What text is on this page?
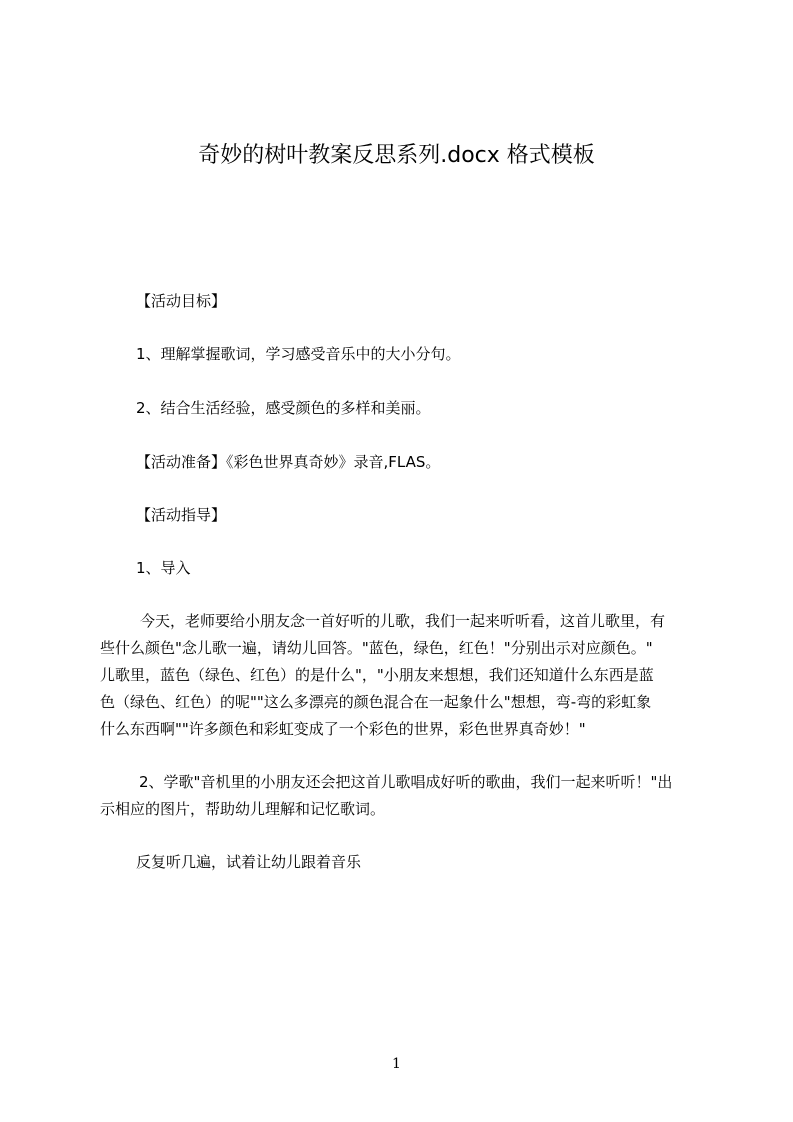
奇妙的树叶教案反思系列.docx 格式模板

【活动目标】

1、理解掌握歌词，学习感受音乐中的大小分句。

2、结合生活经验，感受颜色的多样和美丽。

【活动准备】《彩色世界真奇妙》录音,FLAS。

【活动指导】

1、导入

今天，老师要给小朋友念一首好听的儿歌，我们一起来听听看，这首儿歌里，有
些什么颜色"念儿歌一遍，请幼儿回答。"蓝色，绿色，红色！"分别出示对应颜色。"
儿歌里，蓝色（绿色、红色）的是什么"，"小朋友来想想，我们还知道什么东西是蓝
色（绿色、红色）的呢""这么多漂亮的颜色混合在一起象什么"想想，弯-弯的彩虹象
什么东西啊""许多颜色和彩虹变成了一个彩色的世界，彩色世界真奇妙！"
2、学歌"音机里的小朋友还会把这首儿歌唱成好听的歌曲，我们一起来听听！"出
示相应的图片，帮助幼儿理解和记忆歌词。

反复听几遍，试着让幼儿跟着音乐

1
